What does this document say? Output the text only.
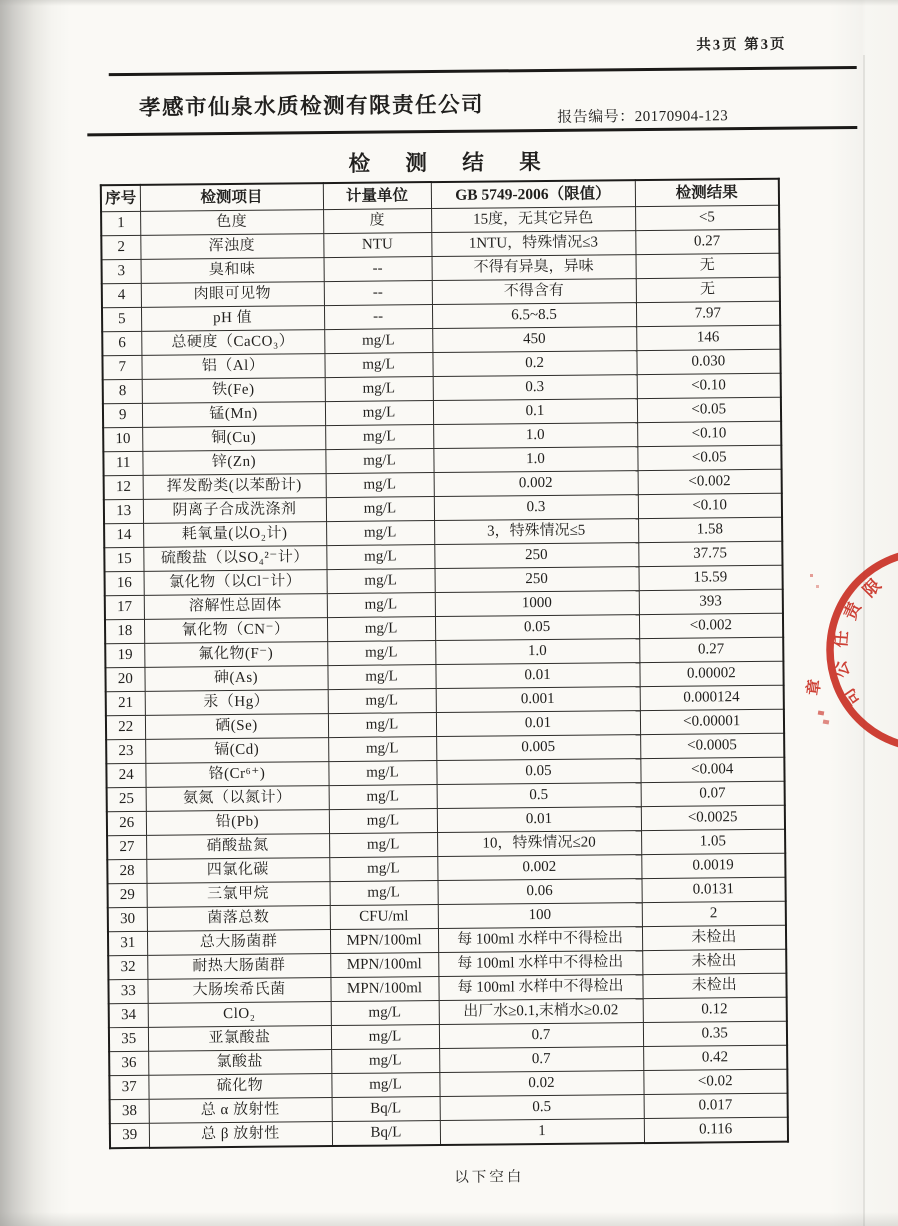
共3页 第3页
孝感市仙泉水质检测有限责任公司	报告编号：20170904-123
检 测 结 果
序号	检测项目	计量单位	GB 5749-2006（限值）	检测结果
1	色度	度	15度，无其它异色	<5
2	浑浊度	NTU	1NTU，特殊情况≤3	0.27
3	臭和味	--	不得有异臭，异味	无
4	肉眼可见物	--	不得含有	无
5	pH 值	--	6.5~8.5	7.97
6	总硬度（CaCO₃）	mg/L	450	146
7	铝（Al）	mg/L	0.2	0.030
8	铁(Fe)	mg/L	0.3	<0.10
9	锰(Mn)	mg/L	0.1	<0.05
10	铜(Cu)	mg/L	1.0	<0.10
11	锌(Zn)	mg/L	1.0	<0.05
12	挥发酚类(以苯酚计)	mg/L	0.002	<0.002
13	阴离子合成洗涤剂	mg/L	0.3	<0.10
14	耗氧量(以O₂计)	mg/L	3，特殊情况≤5	1.58
15	硫酸盐（以SO₄²⁻计）	mg/L	250	37.75
16	氯化物（以Cl⁻计）	mg/L	250	15.59
17	溶解性总固体	mg/L	1000	393
18	氰化物（CN⁻）	mg/L	0.05	<0.002
19	氟化物(F⁻)	mg/L	1.0	0.27
20	砷(As)	mg/L	0.01	0.00002
21	汞（Hg）	mg/L	0.001	0.000124
22	硒(Se)	mg/L	0.01	<0.00001
23	镉(Cd)	mg/L	0.005	<0.0005
24	铬(Cr⁶⁺)	mg/L	0.05	<0.004
25	氨氮（以氮计）	mg/L	0.5	0.07
26	铅(Pb)	mg/L	0.01	<0.0025
27	硝酸盐氮	mg/L	10，特殊情况≤20	1.05
28	四氯化碳	mg/L	0.002	0.0019
29	三氯甲烷	mg/L	0.06	0.0131
30	菌落总数	CFU/ml	100	2
31	总大肠菌群	MPN/100ml	每 100ml 水样中不得检出	未检出
32	耐热大肠菌群	MPN/100ml	每 100ml 水样中不得检出	未检出
33	大肠埃希氏菌	MPN/100ml	每 100ml 水样中不得检出	未检出
34	ClO₂	mg/L	出厂水≥0.1,末梢水≥0.02	0.12
35	亚氯酸盐	mg/L	0.7	0.35
36	氯酸盐	mg/L	0.7	0.42
37	硫化物	mg/L	0.02	<0.02
38	总 α 放射性	Bq/L	0.5	0.017
39	总 β 放射性	Bq/L	1	0.116
以下空白
限
责
任
公
司
章
